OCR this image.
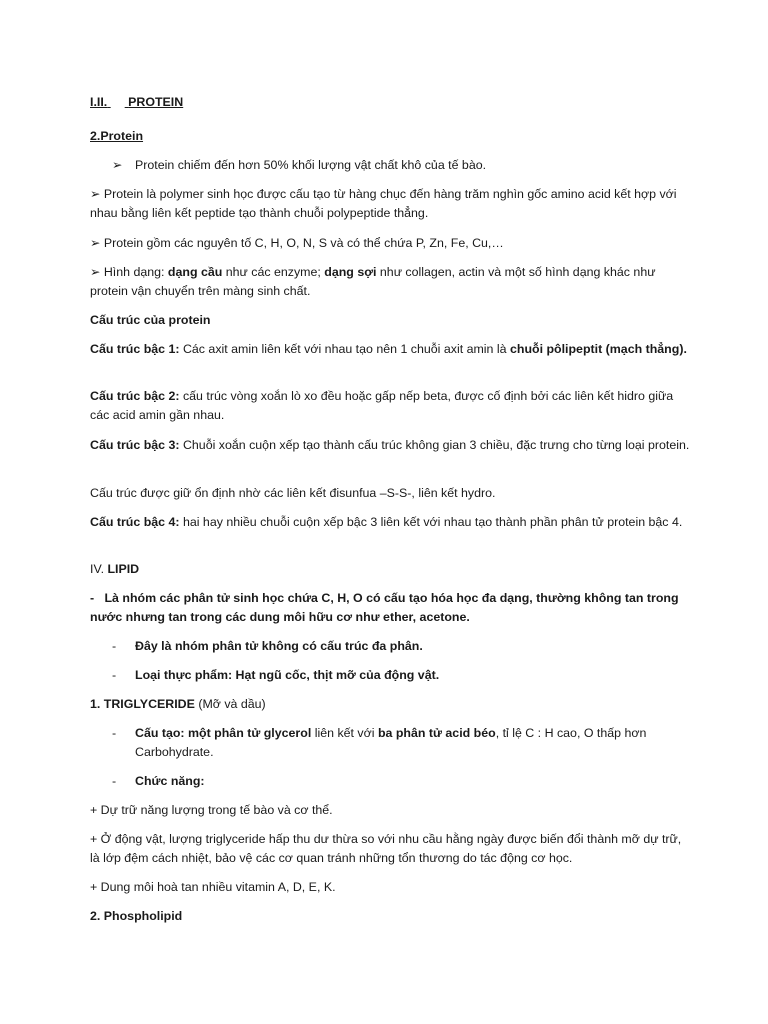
I.II. PROTEIN
2.Protein
➢ Protein chiếm đến hơn 50% khối lượng vật chất khô của tế bào.

➢ Protein là polymer sinh học được cấu tạo từ hàng chục đến hàng trăm nghìn gốc amino acid kết hợp với nhau bằng liên kết peptide tạo thành chuỗi polypeptide thẳng.

➢ Protein gồm các nguyên tố C, H, O, N, S và có thể chứa P, Zn, Fe, Cu,…

➢ Hình dạng: dạng cầu như các enzyme; dạng sợi như collagen, actin và một số hình dạng khác như protein vận chuyển trên màng sinh chất.

Cấu trúc của protein

Cấu trúc bậc 1: Các axit amin liên kết với nhau tạo nên 1 chuỗi axit amin là chuỗi pôlipeptit (mạch thẳng).

Cấu trúc bậc 2: cấu trúc vòng xoắn lò xo đều hoặc gấp nếp beta, được cố định bởi các liên kết hidro giữa các acid amin gần nhau.

Cấu trúc bậc 3: Chuỗi xoắn cuộn xếp tạo thành cấu trúc không gian 3 chiều, đặc trưng cho từng loại protein.

Cấu trúc được giữ ổn định nhờ các liên kết đisunfua –S-S-, liên kết hydro.

Cấu trúc bậc 4: hai hay nhiều chuỗi cuộn xếp bậc 3 liên kết với nhau tạo thành phần phân tử protein bậc 4.

IV. LIPID

- Là nhóm các phân tử sinh học chứa C, H, O có cấu tạo hóa học đa dạng, thường không tan trong nước nhưng tan trong các dung môi hữu cơ như ether, acetone.

- Đây là nhóm phân tử không có cấu trúc đa phân.

- Loại thực phẩm: Hạt ngũ cốc, thịt mỡ của động vật.

1. TRIGLYCERIDE (Mỡ và dầu)
- Cấu tạo: một phân tử glycerol liên kết với ba phân tử acid béo, tỉ lệ C : H cao, O thấp hơn Carbohydrate.

- Chức năng:

+ Dự trữ năng lượng trong tế bào và cơ thể.

+ Ở động vật, lượng triglyceride hấp thu dư thừa so với nhu cầu hằng ngày được biến đổi thành mỡ dự trữ, là lớp đệm cách nhiệt, bảo vệ các cơ quan tránh những tổn thương do tác động cơ học.

+ Dung môi hoà tan nhiều vitamin A, D, E, K.

2. Phospholipid
